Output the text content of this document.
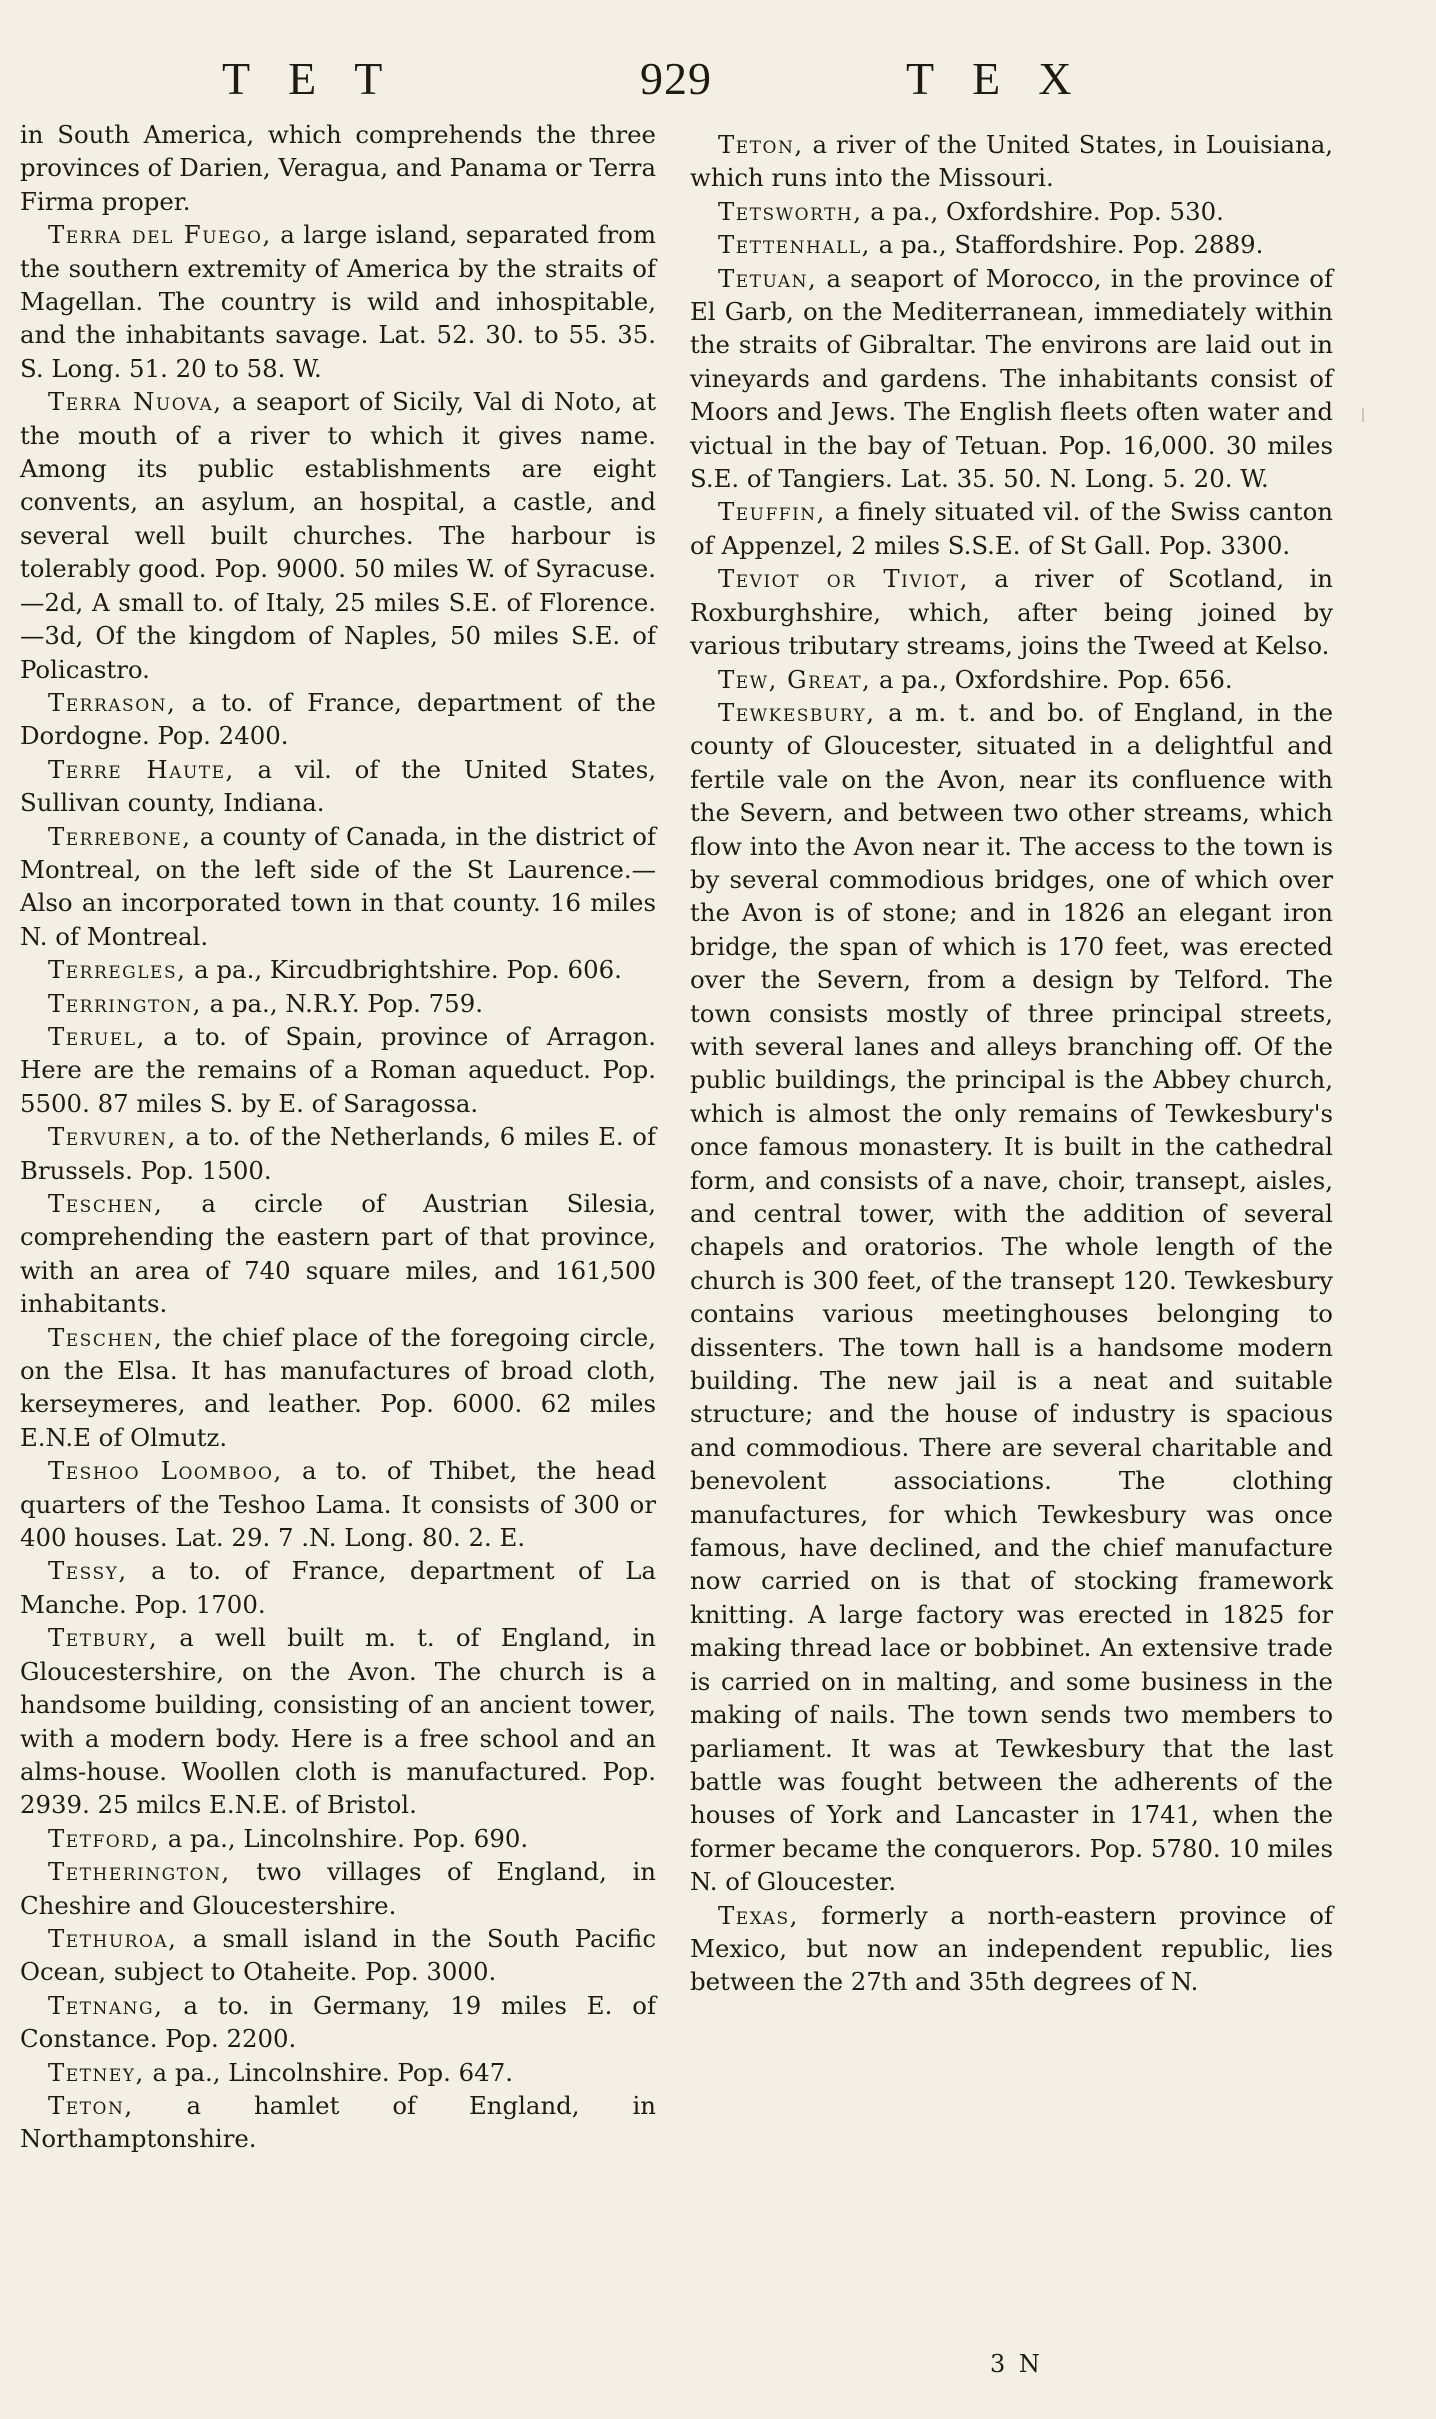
TET	929	TEX

in South America, which comprehends the three provinces of Darien, Veragua, and Panama or Terra Firma proper.

Terra del Fuego, a large island, separated from the southern extremity of America by the straits of Magellan. The country is wild and inhospitable, and the inhabitants savage. Lat. 52. 30. to 55. 35. S. Long. 51. 20 to 58. W.

Terra Nuova, a seaport of Sicily, Val di Noto, at the mouth of a river to which it gives name. Among its public establishments are eight convents, an asylum, an hospital, a castle, and several well built churches. The harbour is tolerably good. Pop. 9000. 50 miles W. of Syracuse.—2d, A small to. of Italy, 25 miles S.E. of Florence.—3d, Of the kingdom of Naples, 50 miles S.E. of Policastro.

Terrason, a to. of France, department of the Dordogne. Pop. 2400.

Terre Haute, a vil. of the United States, Sullivan county, Indiana.

Terrebone, a county of Canada, in the district of Montreal, on the left side of the St Laurence.—Also an incorporated town in that county. 16 miles N. of Montreal.

Terregles, a pa., Kircudbrightshire. Pop. 606.

Terrington, a pa., N.R.Y. Pop. 759.

Teruel, a to. of Spain, province of Arragon. Here are the remains of a Roman aqueduct. Pop. 5500. 87 miles S. by E. of Saragossa.

Tervuren, a to. of the Netherlands, 6 miles E. of Brussels. Pop. 1500.

Teschen, a circle of Austrian Silesia, comprehending the eastern part of that province, with an area of 740 square miles, and 161,500 inhabitants.

Teschen, the chief place of the foregoing circle, on the Elsa. It has manufactures of broad cloth, kerseymeres, and leather. Pop. 6000. 62 miles E.N.E of Olmutz.

Teshoo Loomboo, a to. of Thibet, the head quarters of the Teshoo Lama. It consists of 300 or 400 houses. Lat. 29. 7 .N. Long. 80. 2. E.

Tessy, a to. of France, department of La Manche. Pop. 1700.

Tetbury, a well built m. t. of England, in Gloucestershire, on the Avon. The church is a handsome building, consisting of an ancient tower, with a modern body. Here is a free school and an alms-house. Woollen cloth is manufactured. Pop. 2939. 25 milcs E.N.E. of Bristol.

Tetford, a pa., Lincolnshire. Pop. 690.

Tetherington, two villages of England, in Cheshire and Gloucestershire.

Tethuroa, a small island in the South Pacific Ocean, subject to Otaheite. Pop. 3000.

Tetnang, a to. in Germany, 19 miles E. of Constance. Pop. 2200.

Tetney, a pa., Lincolnshire. Pop. 647.

Teton, a hamlet of England, in Northamptonshire.

Teton, a river of the United States, in Louisiana, which runs into the Missouri.

Tetsworth, a pa., Oxfordshire. Pop. 530.

Tettenhall, a pa., Staffordshire. Pop. 2889.

Tetuan, a seaport of Morocco, in the province of El Garb, on the Mediterranean, immediately within the straits of Gibraltar. The environs are laid out in vineyards and gardens. The inhabitants consist of Moors and Jews. The English fleets often water and victual in the bay of Tetuan. Pop. 16,000. 30 miles S.E. of Tangiers. Lat. 35. 50. N. Long. 5. 20. W.

Teuffin, a finely situated vil. of the Swiss canton of Appenzel, 2 miles S.S.E. of St Gall. Pop. 3300.

Teviot or Tiviot, a river of Scotland, in Roxburghshire, which, after being joined by various tributary streams, joins the Tweed at Kelso.

Tew, Great, a pa., Oxfordshire. Pop. 656.

Tewkesbury, a m. t. and bo. of England, in the county of Gloucester, situated in a delightful and fertile vale on the Avon, near its confluence with the Severn, and between two other streams, which flow into the Avon near it. The access to the town is by several commodious bridges, one of which over the Avon is of stone; and in 1826 an elegant iron bridge, the span of which is 170 feet, was erected over the Severn, from a design by Telford. The town consists mostly of three principal streets, with several lanes and alleys branching off. Of the public buildings, the principal is the Abbey church, which is almost the only remains of Tewkesbury's once famous monastery. It is built in the cathedral form, and consists of a nave, choir, transept, aisles, and central tower, with the addition of several chapels and oratorios. The whole length of the church is 300 feet, of the transept 120. Tewkesbury contains various meetinghouses belonging to dissenters. The town hall is a handsome modern building. The new jail is a neat and suitable structure; and the house of industry is spacious and commodious. There are several charitable and benevolent associations. The clothing manufactures, for which Tewkesbury was once famous, have declined, and the chief manufacture now carried on is that of stocking framework knitting. A large factory was erected in 1825 for making thread lace or bobbinet. An extensive trade is carried on in malting, and some business in the making of nails. The town sends two members to parliament. It was at Tewkesbury that the last battle was fought between the adherents of the houses of York and Lancaster in 1741, when the former became the conquerors. Pop. 5780. 10 miles N. of Gloucester.

Texas, formerly a north-eastern province of Mexico, but now an independent republic, lies between the 27th and 35th degrees of N.

3 N
